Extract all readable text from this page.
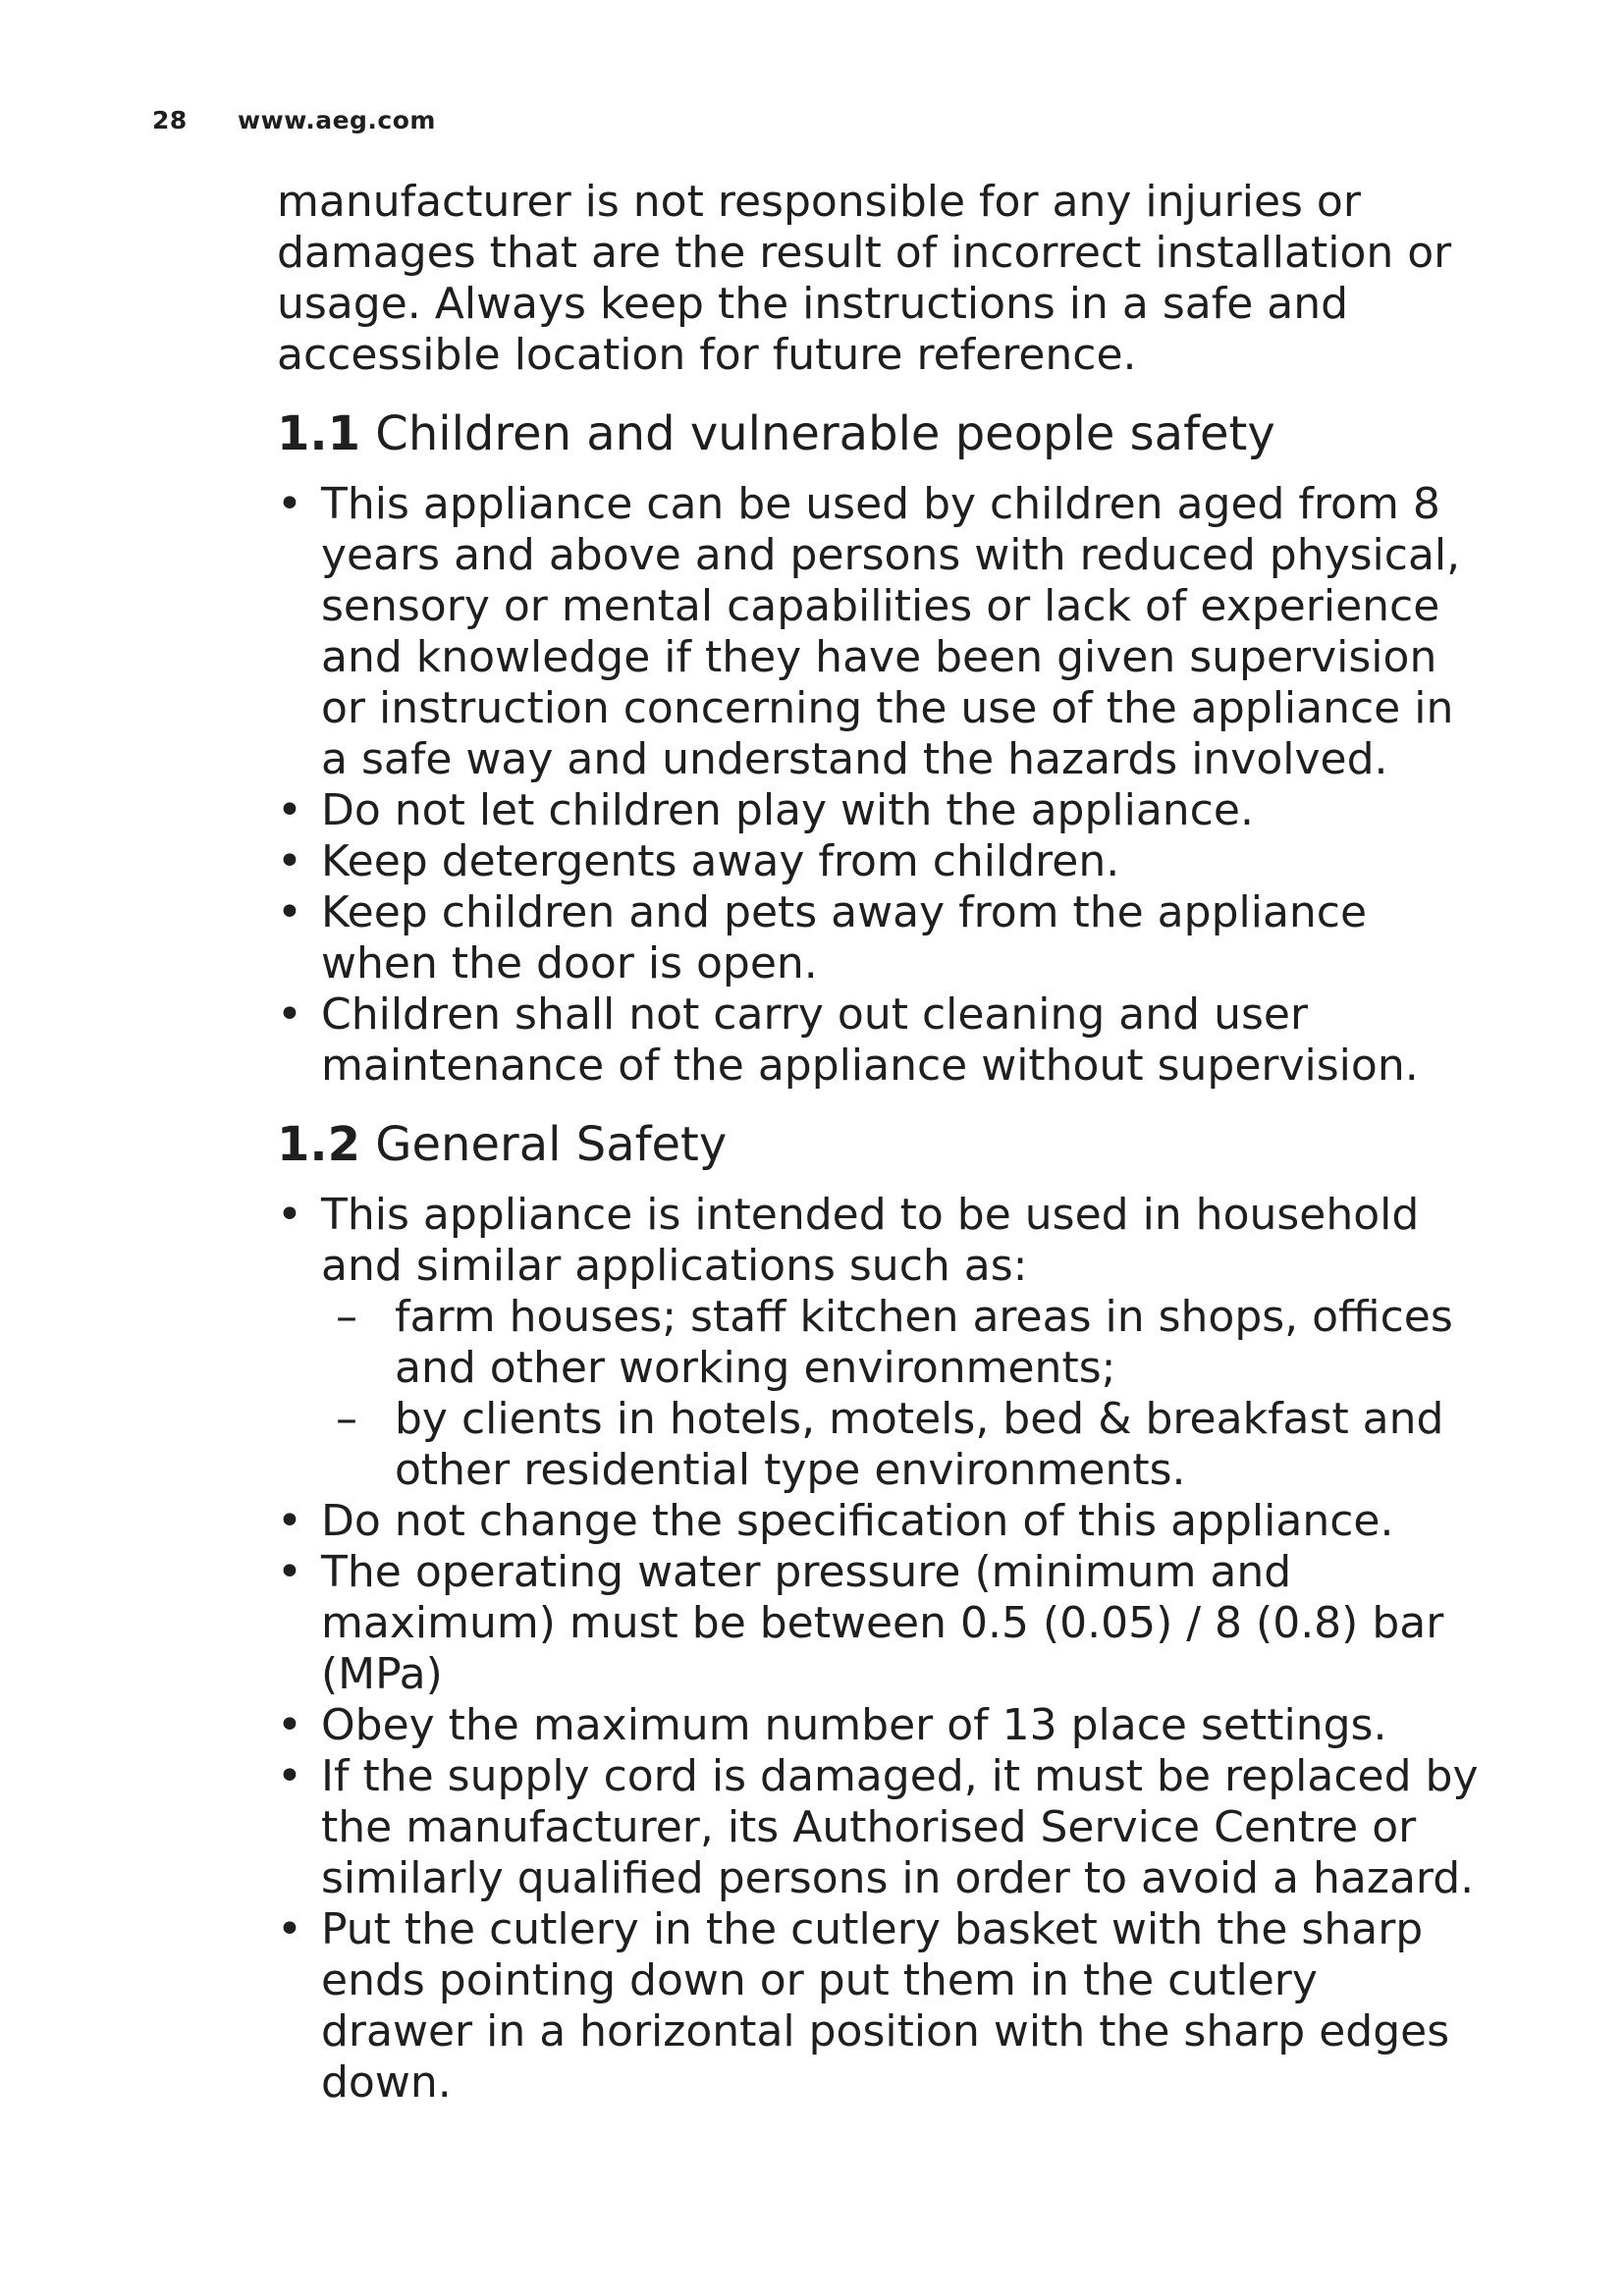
28 www.aeg.com

manufacturer is not responsible for any injuries or damages that are the result of incorrect installation or usage. Always keep the instructions in a safe and accessible location for future reference.

1.1 Children and vulnerable people safety
• This appliance can be used by children aged from 8 years and above and persons with reduced physical, sensory or mental capabilities or lack of experience and knowledge if they have been given supervision or instruction concerning the use of the appliance in a safe way and understand the hazards involved.
• Do not let children play with the appliance.
• Keep detergents away from children.
• Keep children and pets away from the appliance when the door is open.
• Children shall not carry out cleaning and user maintenance of the appliance without supervision.
1.2 General Safety
• This appliance is intended to be used in household and similar applications such as:
– farm houses; staff kitchen areas in shops, offices and other working environments;
– by clients in hotels, motels, bed & breakfast and other residential type environments.
• Do not change the specification of this appliance.
• The operating water pressure (minimum and maximum) must be between 0.5 (0.05) / 8 (0.8) bar (MPa)
• Obey the maximum number of 13 place settings.
• If the supply cord is damaged, it must be replaced by the manufacturer, its Authorised Service Centre or similarly qualified persons in order to avoid a hazard.
• Put the cutlery in the cutlery basket with the sharp ends pointing down or put them in the cutlery drawer in a horizontal position with the sharp edges down.
